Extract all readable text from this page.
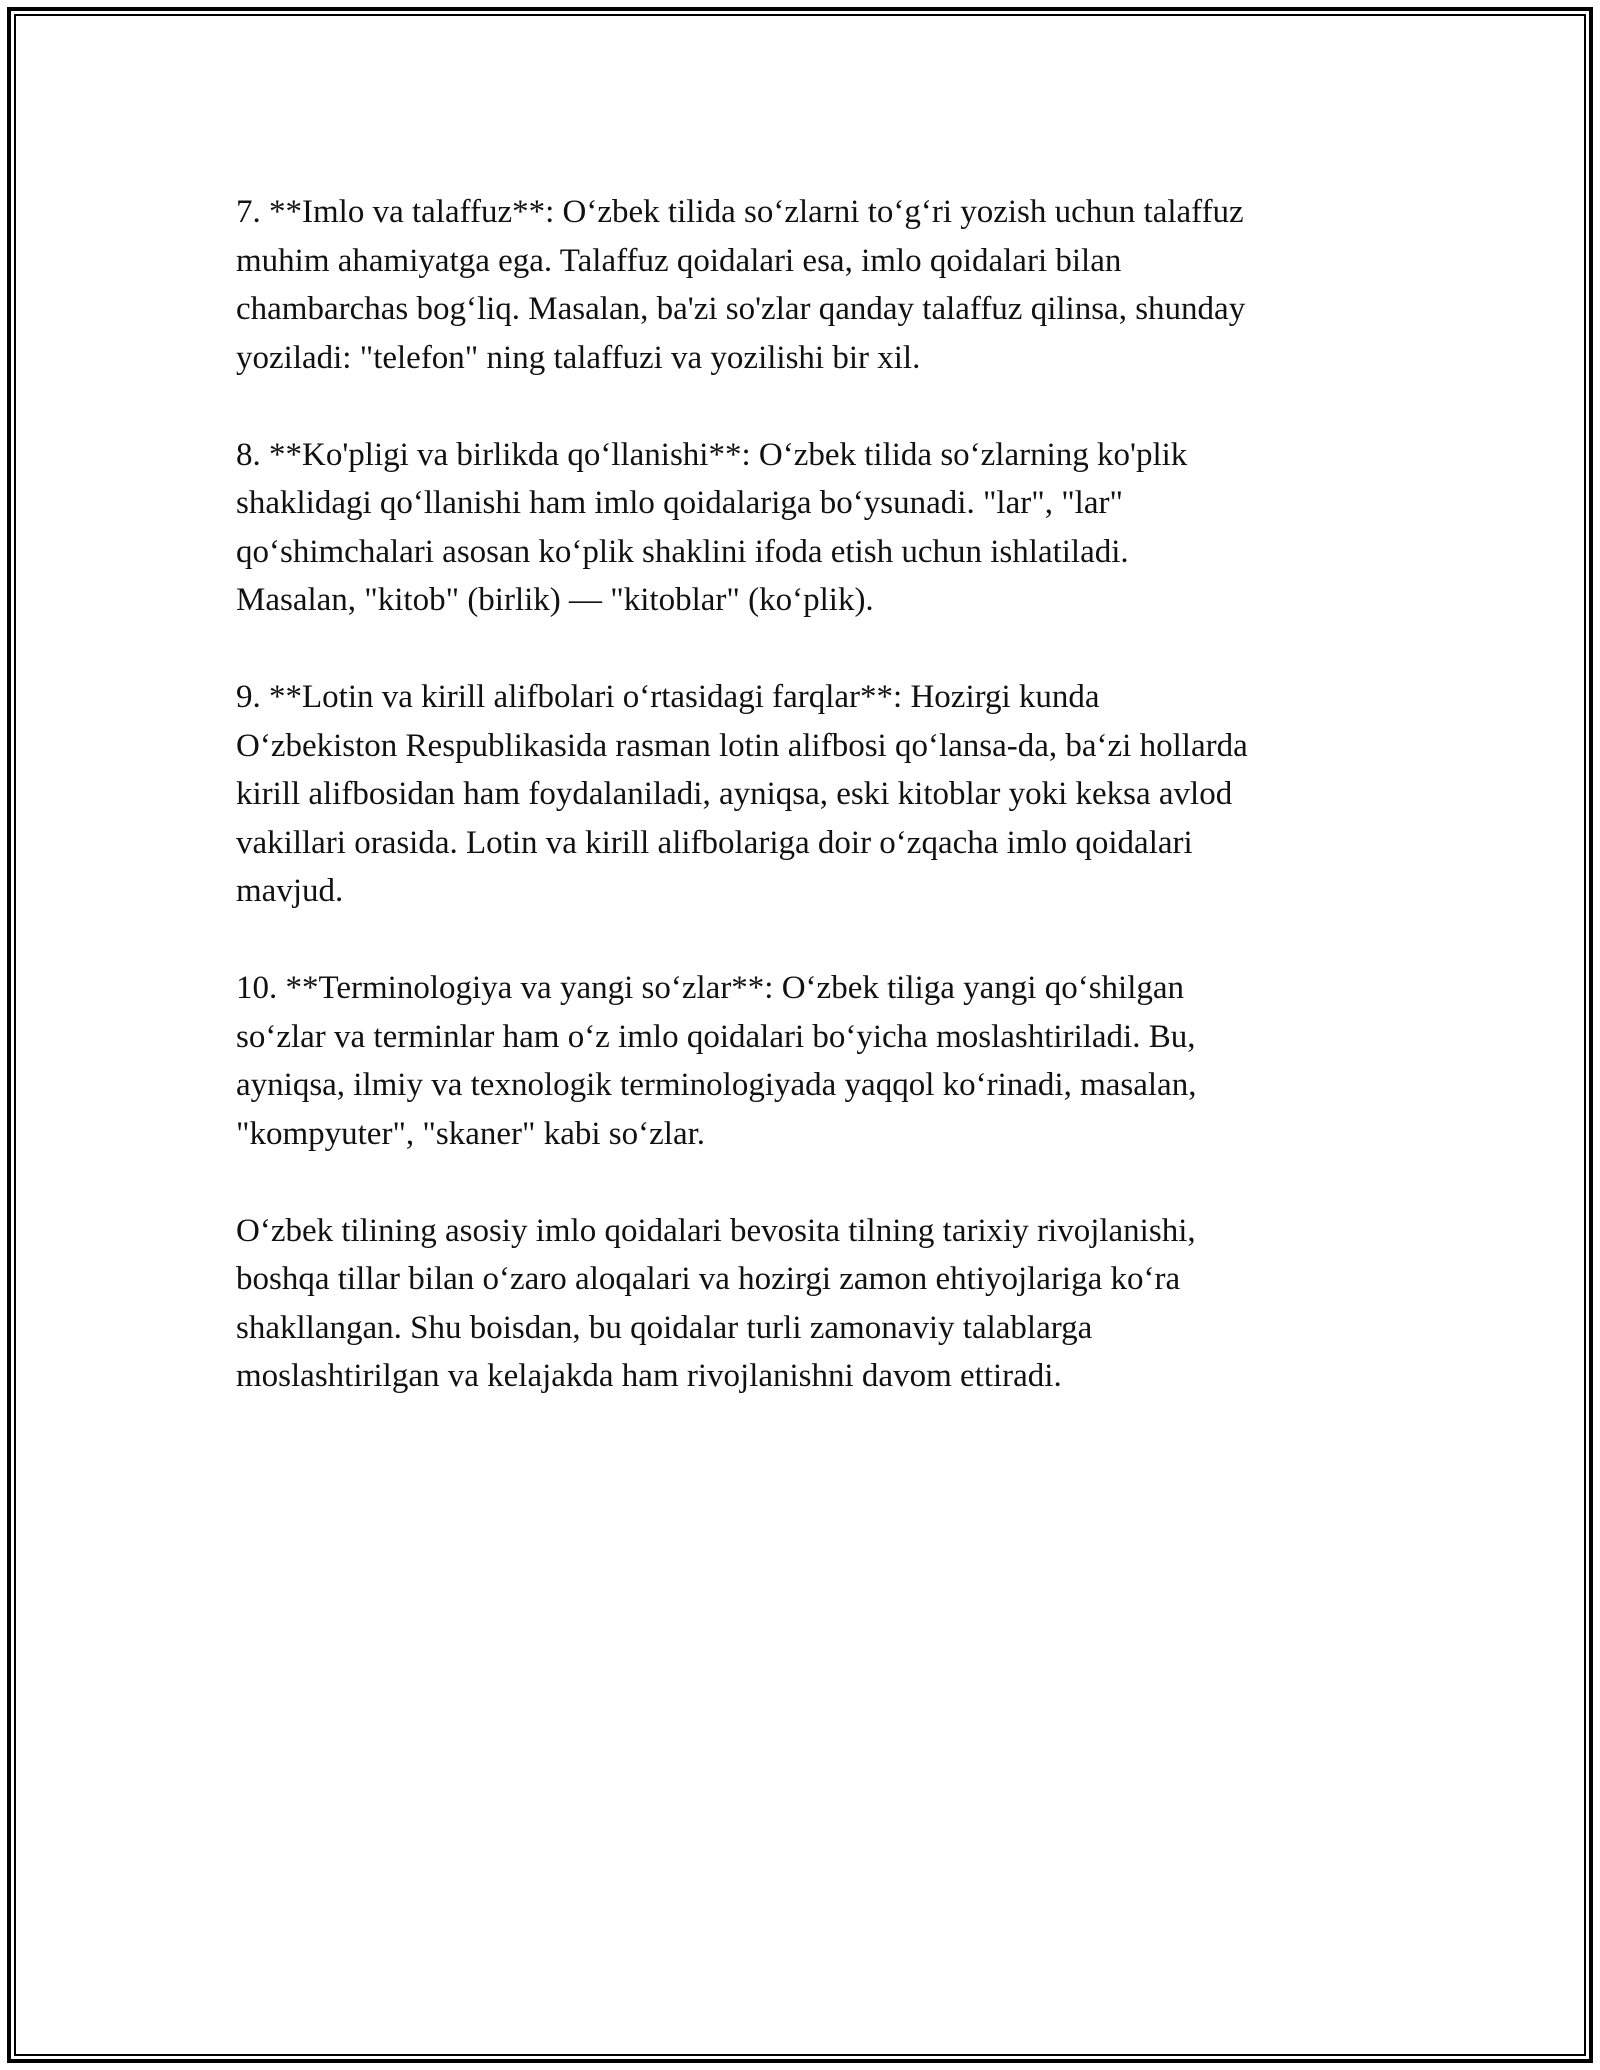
7. **Imlo va talaffuz**: O‘zbek tilida so‘zlarni to‘g‘ri yozish uchun talaffuz
muhim ahamiyatga ega. Talaffuz qoidalari esa, imlo qoidalari bilan
chambarchas bog‘liq. Masalan, ba'zi so'zlar qanday talaffuz qilinsa, shunday
yoziladi: "telefon" ning talaffuzi va yozilishi bir xil.

8. **Ko'pligi va birlikda qo‘llanishi**: O‘zbek tilida so‘zlarning ko'plik
shaklidagi qo‘llanishi ham imlo qoidalariga bo‘ysunadi. "lar", "lar"
qo‘shimchalari asosan ko‘plik shaklini ifoda etish uchun ishlatiladi.
Masalan, "kitob" (birlik) — "kitoblar" (ko‘plik).

9. **Lotin va kirill alifbolari o‘rtasidagi farqlar**: Hozirgi kunda
O‘zbekiston Respublikasida rasman lotin alifbosi qo‘lansa-da, ba‘zi hollarda
kirill alifbosidan ham foydalaniladi, ayniqsa, eski kitoblar yoki keksa avlod
vakillari orasida. Lotin va kirill alifbolariga doir o‘zqacha imlo qoidalari
mavjud.

10. **Terminologiya va yangi so‘zlar**: O‘zbek tiliga yangi qo‘shilgan
so‘zlar va terminlar ham o‘z imlo qoidalari bo‘yicha moslashtiriladi. Bu,
ayniqsa, ilmiy va texnologik terminologiyada yaqqol ko‘rinadi, masalan,
"kompyuter", "skaner" kabi so‘zlar.

O‘zbek tilining asosiy imlo qoidalari bevosita tilning tarixiy rivojlanishi,
boshqa tillar bilan o‘zaro aloqalari va hozirgi zamon ehtiyojlariga ko‘ra
shakllangan. Shu boisdan, bu qoidalar turli zamonaviy talablarga
moslashtirilgan va kelajakda ham rivojlanishni davom ettiradi.
